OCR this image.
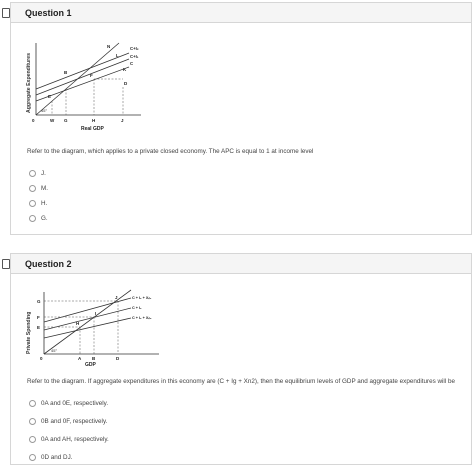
Question 1
Aggregate Expenditures 45°
N
L
K
B
F
E
D
C+I₂
C+I₁
C
0	W G	H	J
Real GDP
Refer to the diagram, which applies to a private closed economy. The APC is equal to 1 at income level
J.
M.
H.
G.
Question 2
Private Spending	45°
J
I
H
C + Iₑ + Xₙ₁
C + Iₑ
C + Iₑ + Xₙ₂
G
F
E
0	A B	D
GDP
Refer to the diagram. If aggregate expenditures in this economy are (C + Ig + Xn2), then the equilibrium levels of GDP and aggregate expenditures will be
0A and 0E, respectively.
0B and 0F, respectively.
0A and AH, respectively.
0D and DJ.
